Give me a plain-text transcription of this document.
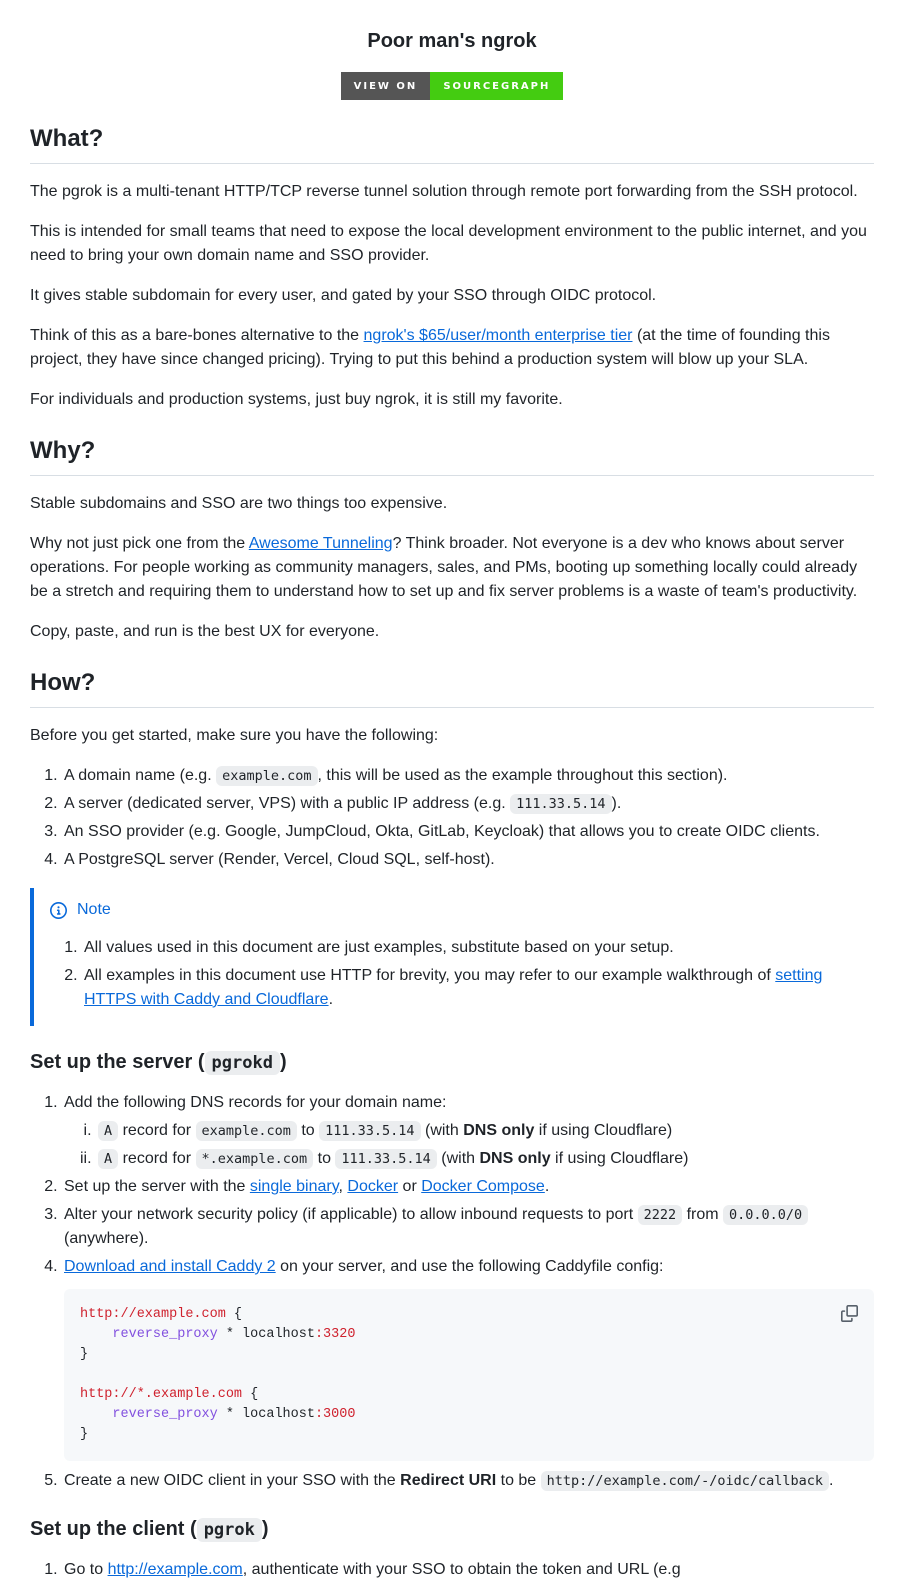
Poor man's ngrok
VIEW ON	SOURCEGRAPH
What?

The pgrok is a multi-tenant HTTP/TCP reverse tunnel solution through remote port forwarding from the SSH protocol.

This is intended for small teams that need to expose the local development environment to the public internet, and you need to bring your own domain name and SSO provider.

It gives stable subdomain for every user, and gated by your SSO through OIDC protocol.

Think of this as a bare-bones alternative to the ngrok's $65/user/month enterprise tier (at the time of founding this project, they have since changed pricing). Trying to put this behind a production system will blow up your SLA.

For individuals and production systems, just buy ngrok, it is still my favorite.

Why?

Stable subdomains and SSO are two things too expensive.

Why not just pick one from the Awesome Tunneling? Think broader. Not everyone is a dev who knows about server operations. For people working as community managers, sales, and PMs, booting up something locally could already be a stretch and requiring them to understand how to set up and fix server problems is a waste of team's productivity.

Copy, paste, and run is the best UX for everyone.

How?

Before you get started, make sure you have the following:

1. A domain name (e.g. example.com , this will be used as the example throughout this section).
2. A server (dedicated server, VPS) with a public IP address (e.g. 111.33.5.14 ).
3. An SSO provider (e.g. Google, JumpCloud, Okta, GitLab, Keycloak) that allows you to create OIDC clients.
4. A PostgreSQL server (Render, Vercel, Cloud SQL, self-host).
Note
1. All values used in this document are just examples, substitute based on your setup.
2. All examples in this document use HTTP for brevity, you may refer to our example walkthrough of setting HTTPS with Caddy and Cloudflare.
Set up the server ( pgrokd )
1. Add the following DNS records for your domain name:
i. A record for example.com to 111.33.5.14 (with DNS only if using Cloudflare)
ii. A record for *.example.com to 111.33.5.14 (with DNS only if using Cloudflare)
2. Set up the server with the single binary, Docker or Docker Compose.
3. Alter your network security policy (if applicable) to allow inbound requests to port 2222 from 0.0.0.0/0 (anywhere).
4. Download and install Caddy 2 on your server, and use the following Caddyfile config:
http://example.com {
reverse_proxy * localhost:3320
}
http://*.example.com {
reverse_proxy * localhost:3000
}
5. Create a new OIDC client in your SSO with the Redirect URI to be http://example.com/-/oidc/callback .
Set up the client ( pgrok )
1. Go to http://example.com, authenticate with your SSO to obtain the token and URL (e.g
